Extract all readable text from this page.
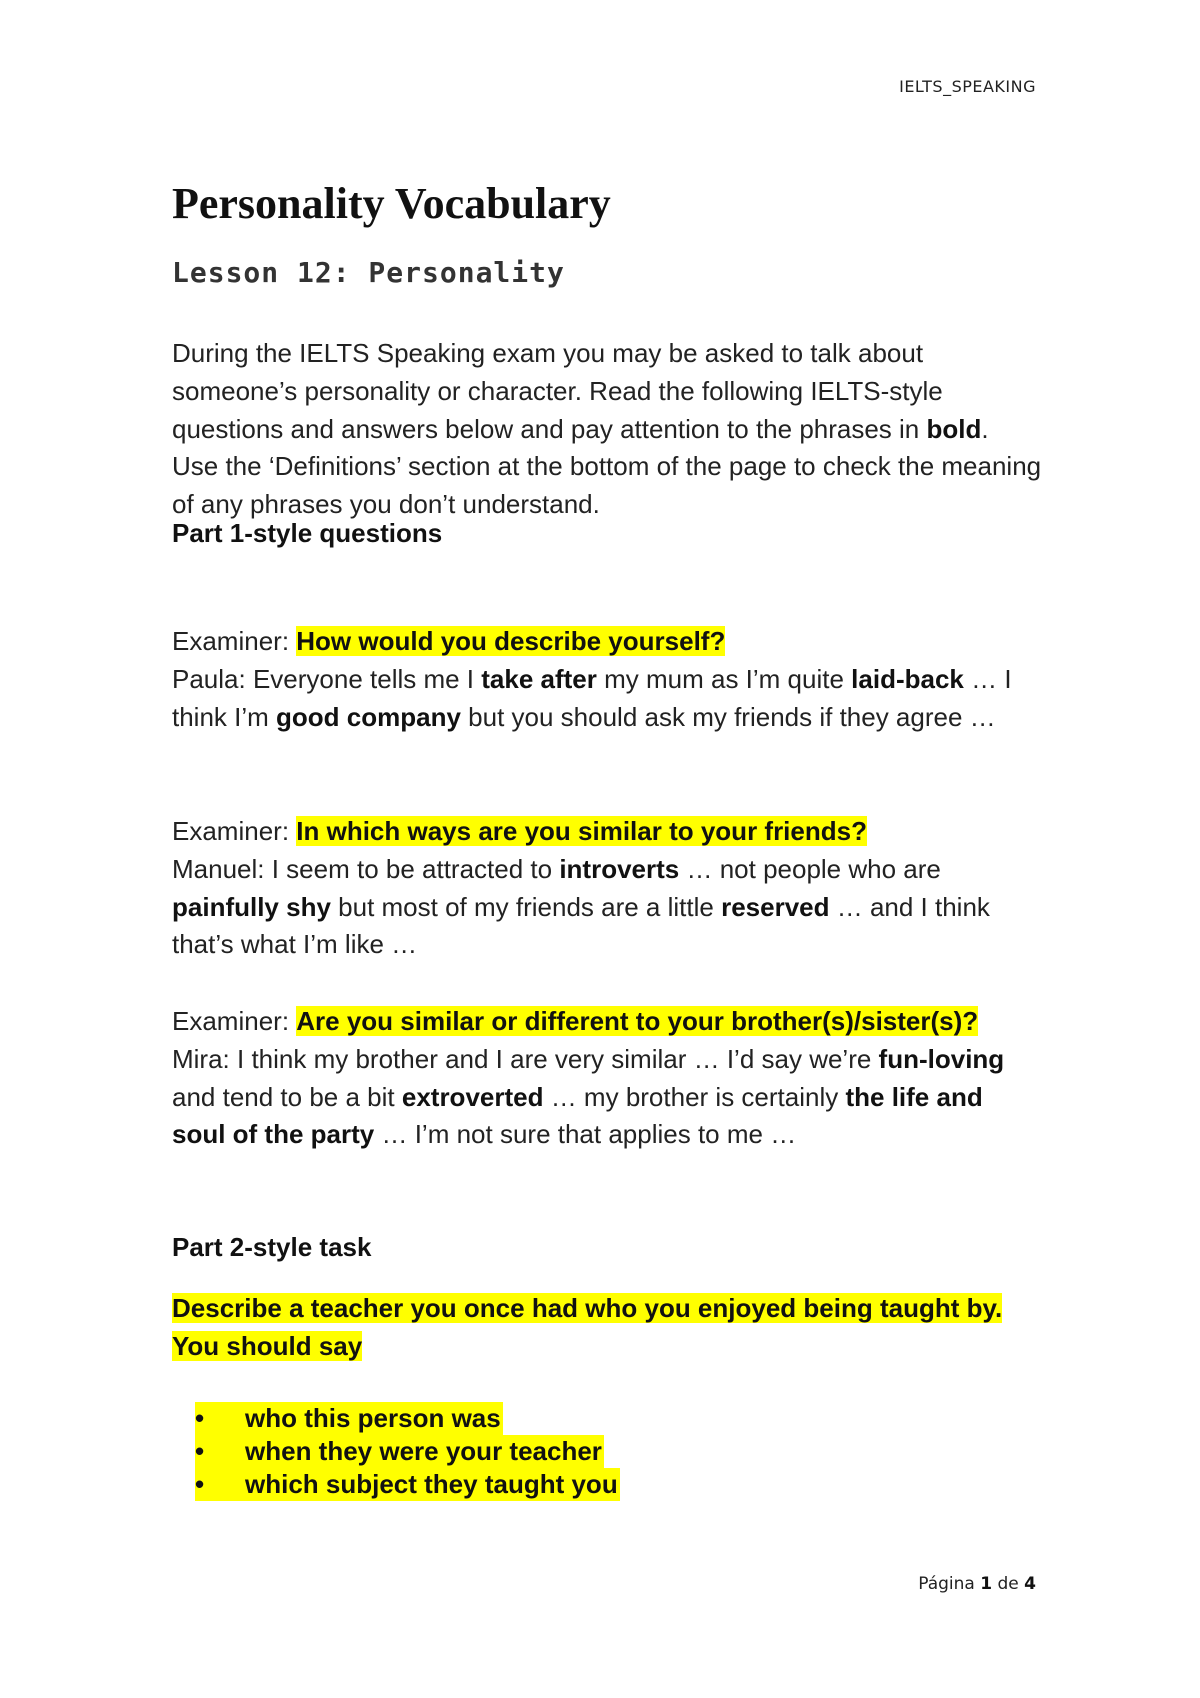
IELTS_SPEAKING
Personality Vocabulary
Lesson 12: Personality
During the IELTS Speaking exam you may be asked to talk about someone’s personality or character. Read the following IELTS-style questions and answers below and pay attention to the phrases in bold. Use the ‘Definitions’ section at the bottom of the page to check the meaning of any phrases you don’t understand.
Part 1-style questions
Examiner: How would you describe yourself?
Paula: Everyone tells me I take after my mum as I’m quite laid-back … I think I’m good company but you should ask my friends if they agree …
Examiner: In which ways are you similar to your friends?
Manuel: I seem to be attracted to introverts … not people who are painfully shy but most of my friends are a little reserved … and I think that’s what I’m like …
Examiner: Are you similar or different to your brother(s)/sister(s)?
Mira: I think my brother and I are very similar … I’d say we’re fun-loving and tend to be a bit extroverted … my brother is certainly the life and soul of the party … I’m not sure that applies to me …
Part 2-style task
Describe a teacher you once had who you enjoyed being taught by. You should say
• who this person was
• when they were your teacher
• which subject they taught you
Página 1 de 4
